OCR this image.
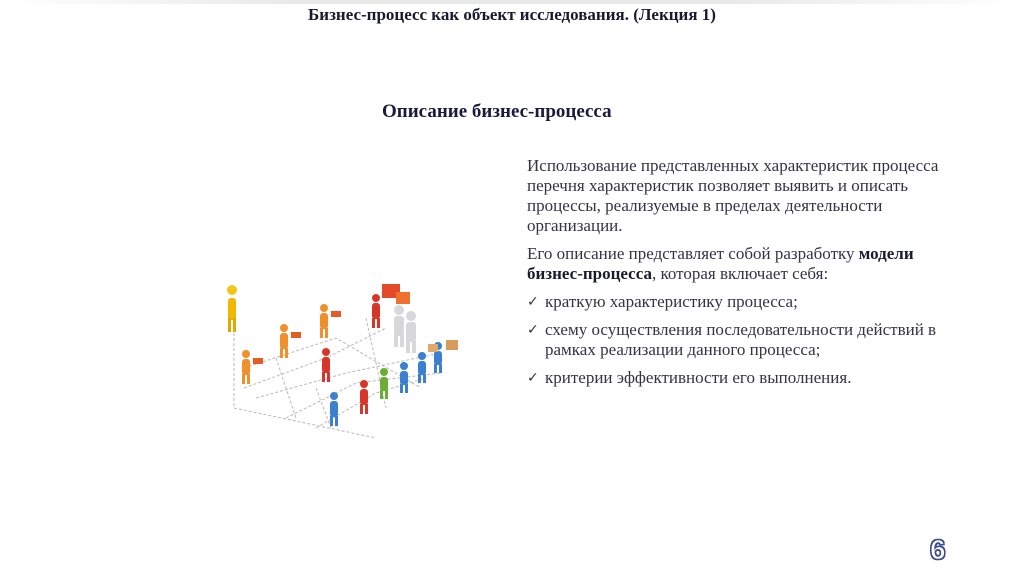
Бизнес-процесс как объект исследования. (Лекция 1)
Описание бизнес-процесса

Использование представленных характеристик процесса перечня характеристик позволяет выявить и описать процессы, реализуемые в пределах деятельности организации.

Его описание представляет собой разработку модели бизнес-процесса, которая включает себя:

✓ краткую характеристику процесса;
✓ схему осуществления последовательности действий в рамках реализации данного процесса;
✓ критерии эффективности его выполнения.
6
